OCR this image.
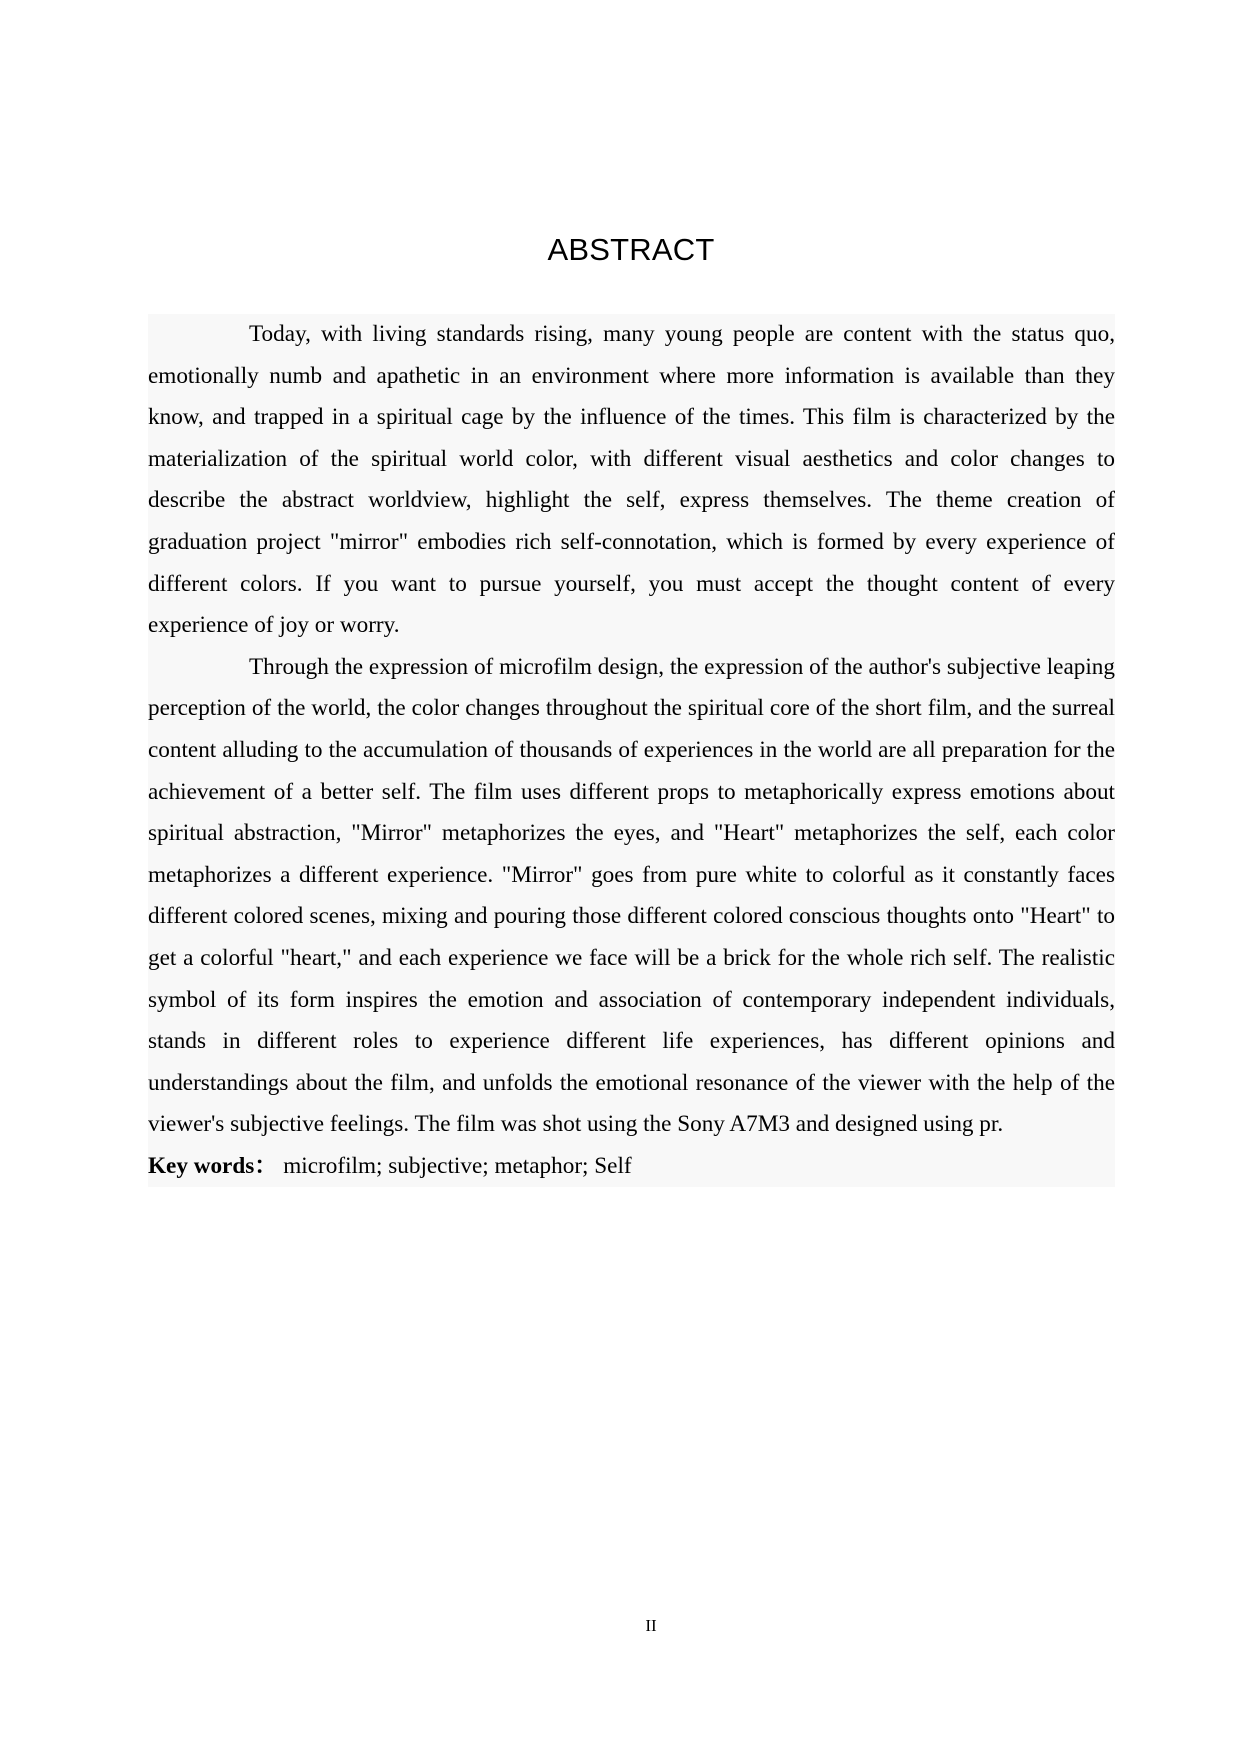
ABSTRACT

Today, with living standards rising, many young people are content with the status quo, emotionally numb and apathetic in an environment where more information is available than they know, and trapped in a spiritual cage by the influence of the times. This film is characterized by the materialization of the spiritual world color, with different visual aesthetics and color changes to describe the abstract worldview, highlight the self, express themselves. The theme creation of graduation project "mirror" embodies rich self-connotation, which is formed by every experience of different colors. If you want to pursue yourself, you must accept the thought content of every experience of joy or worry.

Through the expression of microfilm design, the expression of the author's subjective leaping perception of the world, the color changes throughout the spiritual core of the short film, and the surreal content alluding to the accumulation of thousands of experiences in the world are all preparation for the achievement of a better self. The film uses different props to metaphorically express emotions about spiritual abstraction, "Mirror" metaphorizes the eyes, and "Heart" metaphorizes the self, each color metaphorizes a different experience. "Mirror" goes from pure white to colorful as it constantly faces different colored scenes, mixing and pouring those different colored conscious thoughts onto "Heart" to get a colorful "heart," and each experience we face will be a brick for the whole rich self. The realistic symbol of its form inspires the emotion and association of contemporary independent individuals, stands in different roles to experience different life experiences, has different opinions and understandings about the film, and unfolds the emotional resonance of the viewer with the help of the viewer's subjective feelings. The film was shot using the Sony A7M3 and designed using pr.

Key words： microfilm; subjective; metaphor; Self
II
